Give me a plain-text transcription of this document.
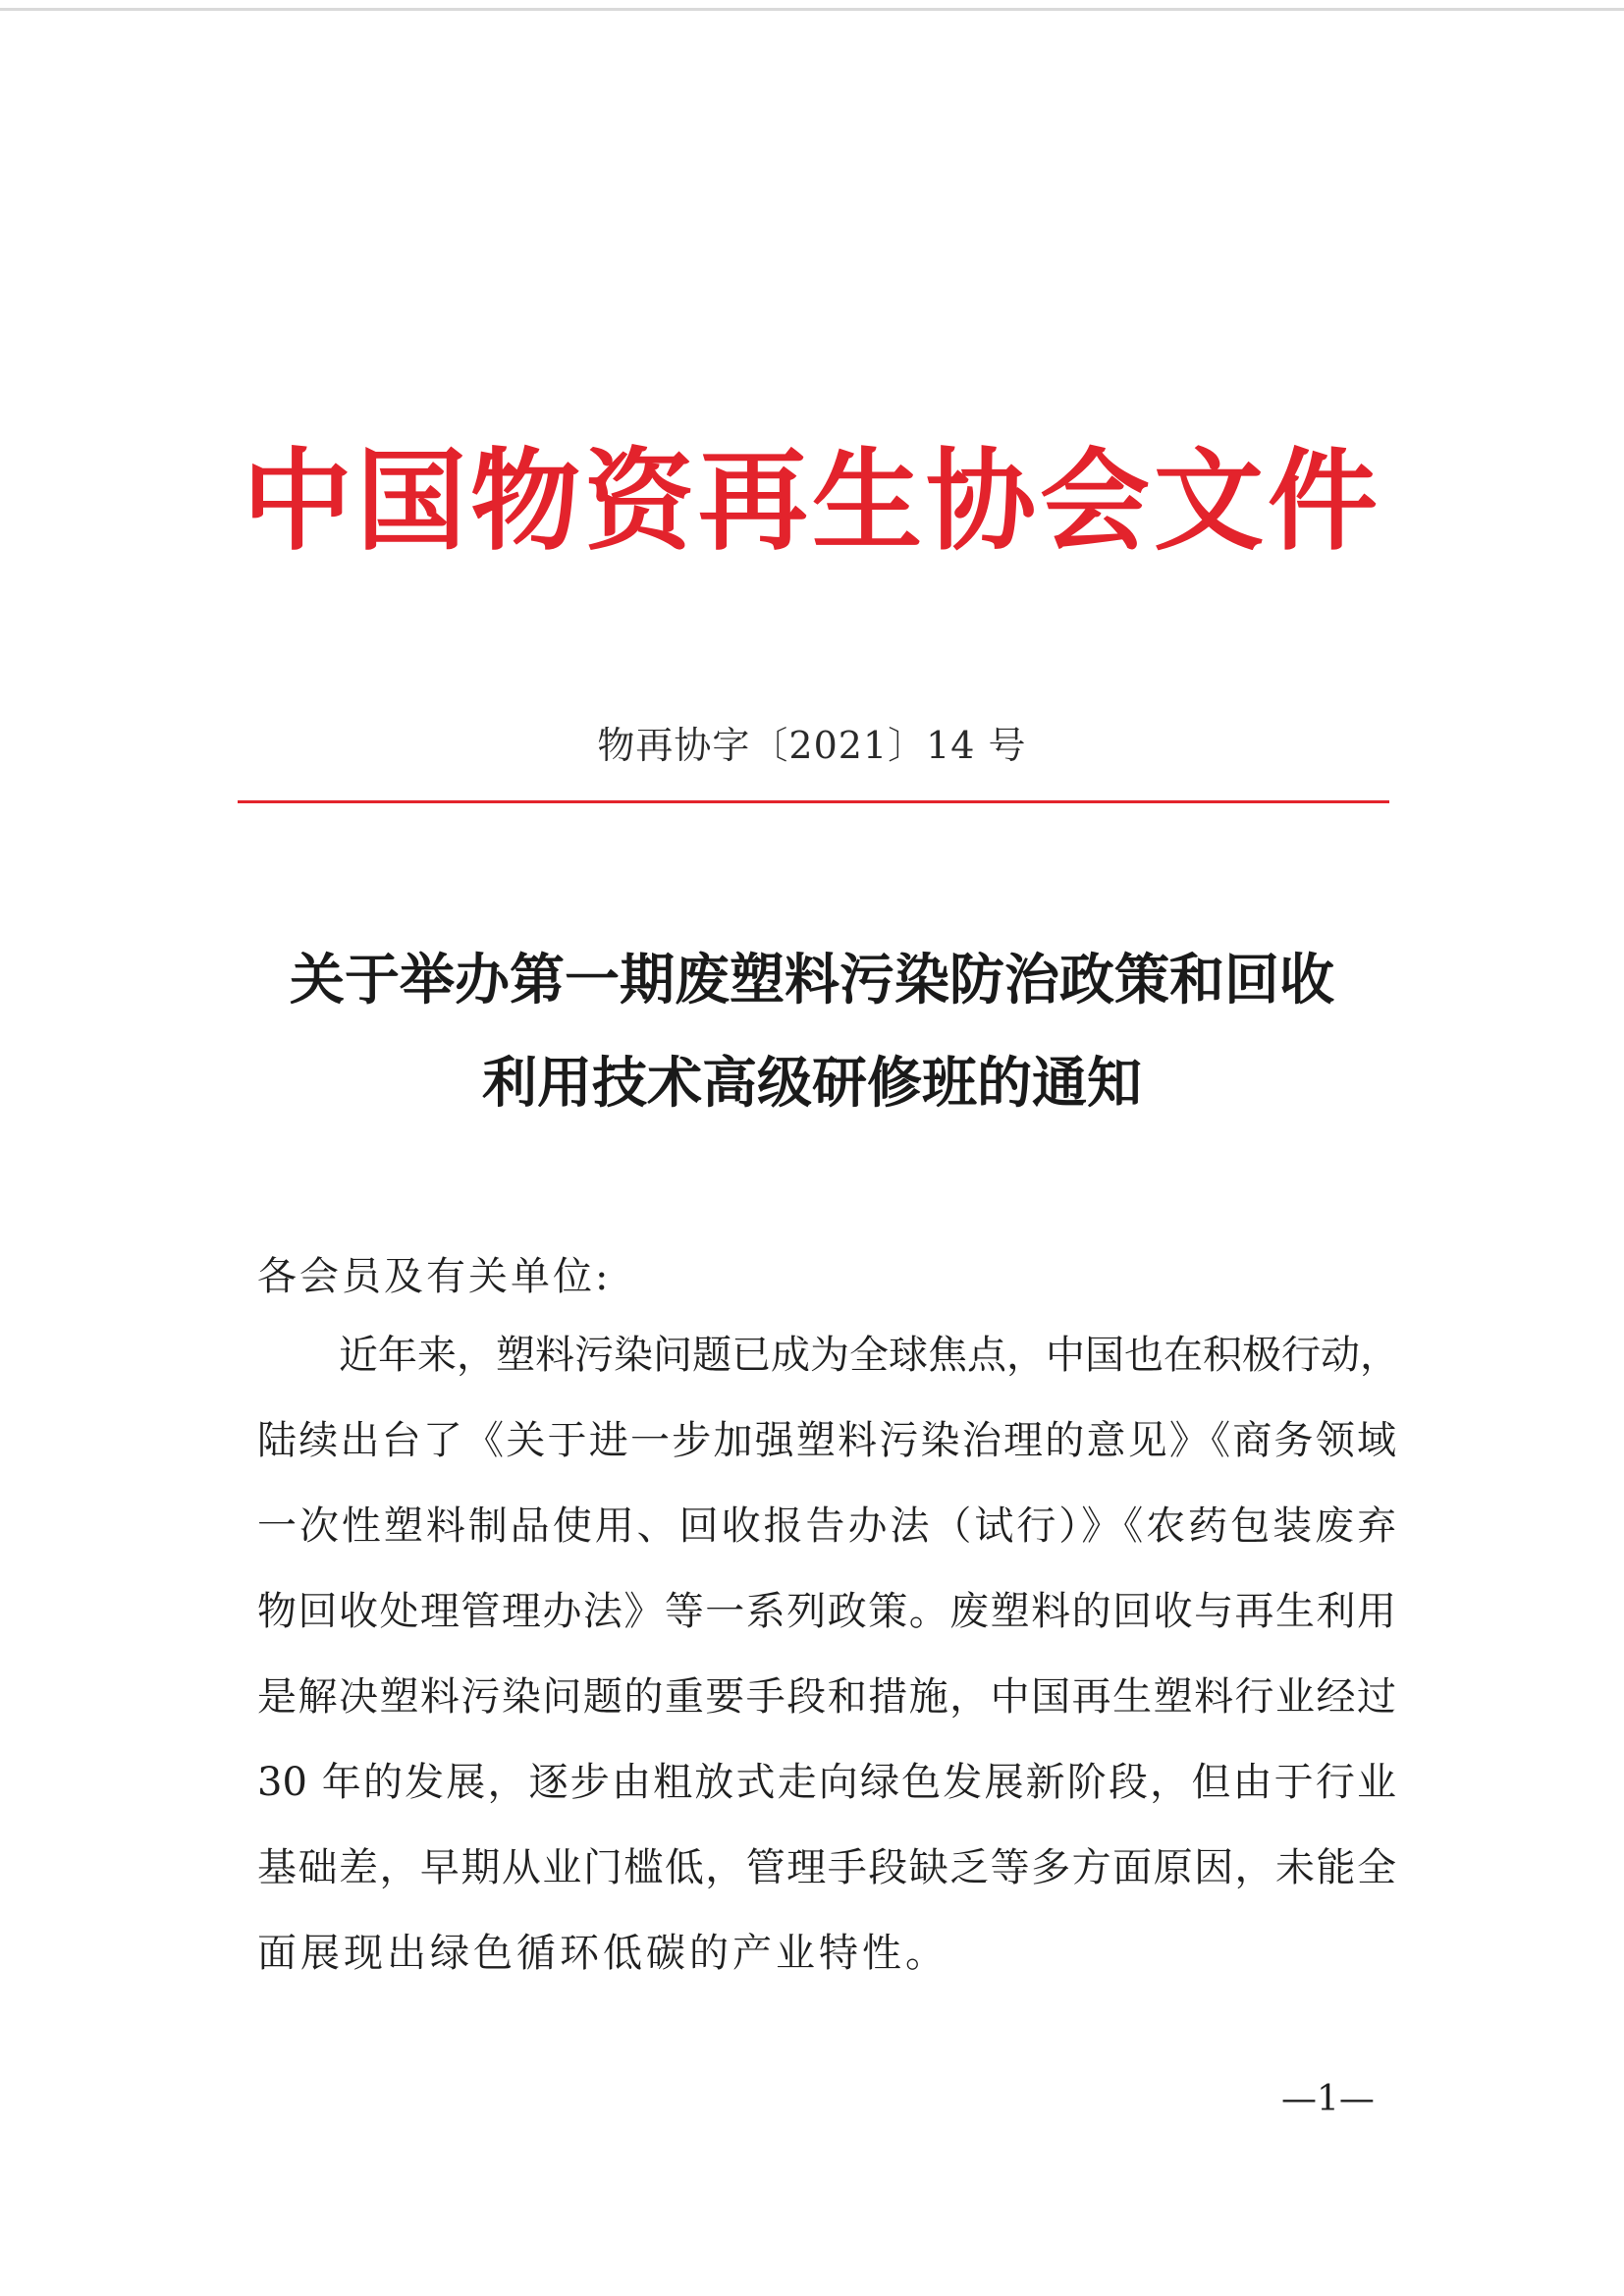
中国物资再生协会文件
物再协字〔2021〕14 号
关于举办第一期废塑料污染防治政策和回收
利用技术高级研修班的通知
各会员及有关单位:
近年来，塑料污染问题已成为全球焦点，中国也在积极行动，
陆续出台了《关于进一步加强塑料污染治理的意见》《商务领域
一次性塑料制品使用、回收报告办法（试行）》《农药包装废弃
物回收处理管理办法》等一系列政策。废塑料的回收与再生利用
是解决塑料污染问题的重要手段和措施，中国再生塑料行业经过
30 年的发展，逐步由粗放式走向绿色发展新阶段，但由于行业
基础差，早期从业门槛低，管理手段缺乏等多方面原因，未能全
面展现出绿色循环低碳的产业特性。
—1—
